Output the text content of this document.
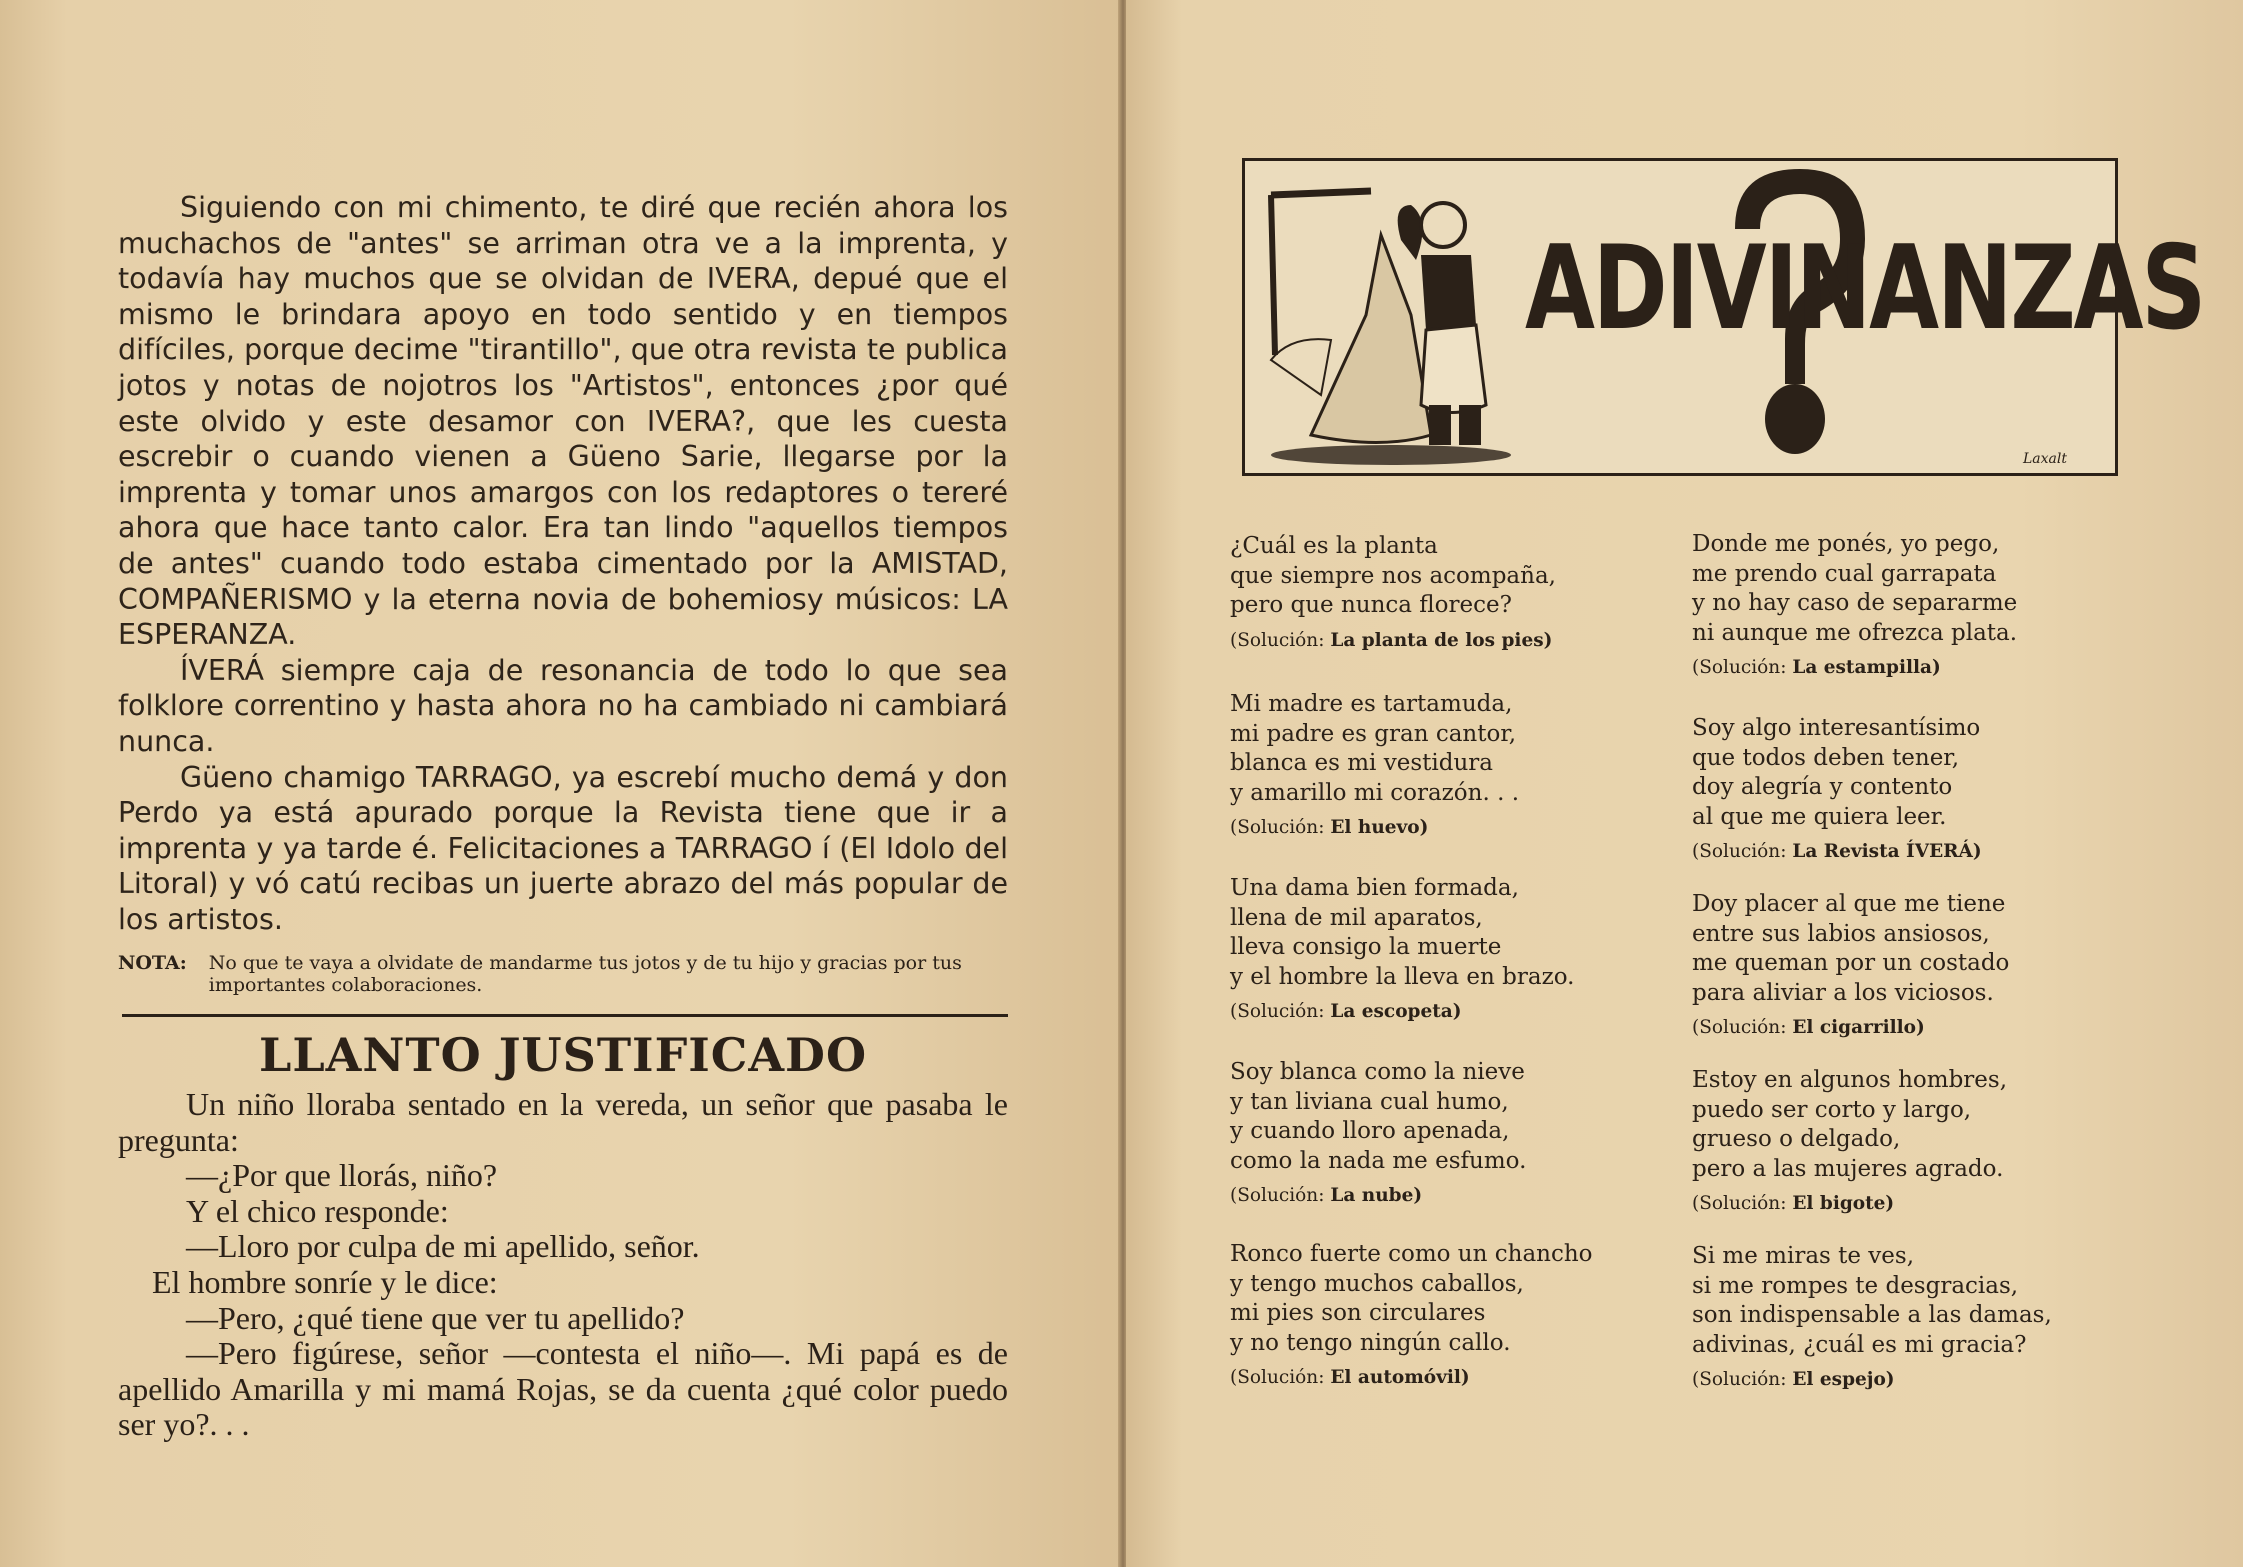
Siguiendo con mi chimento, te diré que recién ahora los muchachos de "antes" se arriman otra ve a la imprenta, y todavía hay muchos que se olvidan de IVERA, depué que el mismo le brindara apoyo en todo sentido y en tiempos difíciles, porque decime "tirantillo", que otra revista te publica jotos y notas de nojotros los "Artistos", entonces ¿por qué este olvido y este desamor con IVERA?, que les cuesta escrebir o cuando vienen a Güeno Sarie, llegarse por la imprenta y tomar unos amargos con los redaptores o tereré ahora que hace tanto calor. Era tan lindo "aquellos tiempos de antes" cuando todo estaba cimentado por la AMISTAD, COMPAÑERISMO y la eterna novia de bohemiosy músicos: LA ESPERANZA.

ÍVERÁ siempre caja de resonancia de todo lo que sea folklore correntino y hasta ahora no ha cambiado ni cambiará nunca.

Güeno chamigo TARRAGO, ya escrebí mucho demá y don Perdo ya está apurado porque la Revista tiene que ir a imprenta y ya tarde é. Felicitaciones a TARRAGO í (El Idolo del Litoral) y vó catú recibas un juerte abrazo del más popular de los artistos.

NOTA: No que te vaya a olvidate de mandarme tus jotos y de tu hijo y gracias por tus importantes colaboraciones.
LLANTO JUSTIFICADO
Un niño lloraba sentado en la vereda, un señor que pasaba le pregunta:
—¿Por que llorás, niño?
Y el chico responde:
—Lloro por culpa de mi apellido, señor.
El hombre sonríe y le dice:
—Pero, ¿qué tiene que ver tu apellido?
—Pero figúrese, señor —contesta el niño—. Mi papá es de apellido Amarilla y mi mamá Rojas, se da cuenta ¿qué color puedo ser yo?. . .
ADIVINANZAS
Laxalt
¿Cuál es la planta
que siempre nos acompaña,
pero que nunca florece?
(Solución: La planta de los pies)
Mi madre es tartamuda,
mi padre es gran cantor,
blanca es mi vestidura
y amarillo mi corazón. . .
(Solución: El huevo)
Una dama bien formada,
llena de mil aparatos,
lleva consigo la muerte
y el hombre la lleva en brazo.
(Solución: La escopeta)
Soy blanca como la nieve
y tan liviana cual humo,
y cuando lloro apenada,
como la nada me esfumo.
(Solución: La nube)
Ronco fuerte como un chancho
y tengo muchos caballos,
mi pies son circulares
y no tengo ningún callo.
(Solución: El automóvil)
Donde me ponés, yo pego,
me prendo cual garrapata
y no hay caso de separarme
ni aunque me ofrezca plata.
(Solución: La estampilla)
Soy algo interesantísimo
que todos deben tener,
doy alegría y contento
al que me quiera leer.
(Solución: La Revista ÍVERÁ)
Doy placer al que me tiene
entre sus labios ansiosos,
me queman por un costado
para aliviar a los viciosos.
(Solución: El cigarrillo)
Estoy en algunos hombres,
puedo ser corto y largo,
grueso o delgado,
pero a las mujeres agrado.
(Solución: El bigote)
Si me miras te ves,
si me rompes te desgracias,
son indispensable a las damas,
adivinas, ¿cuál es mi gracia?
(Solución: El espejo)
